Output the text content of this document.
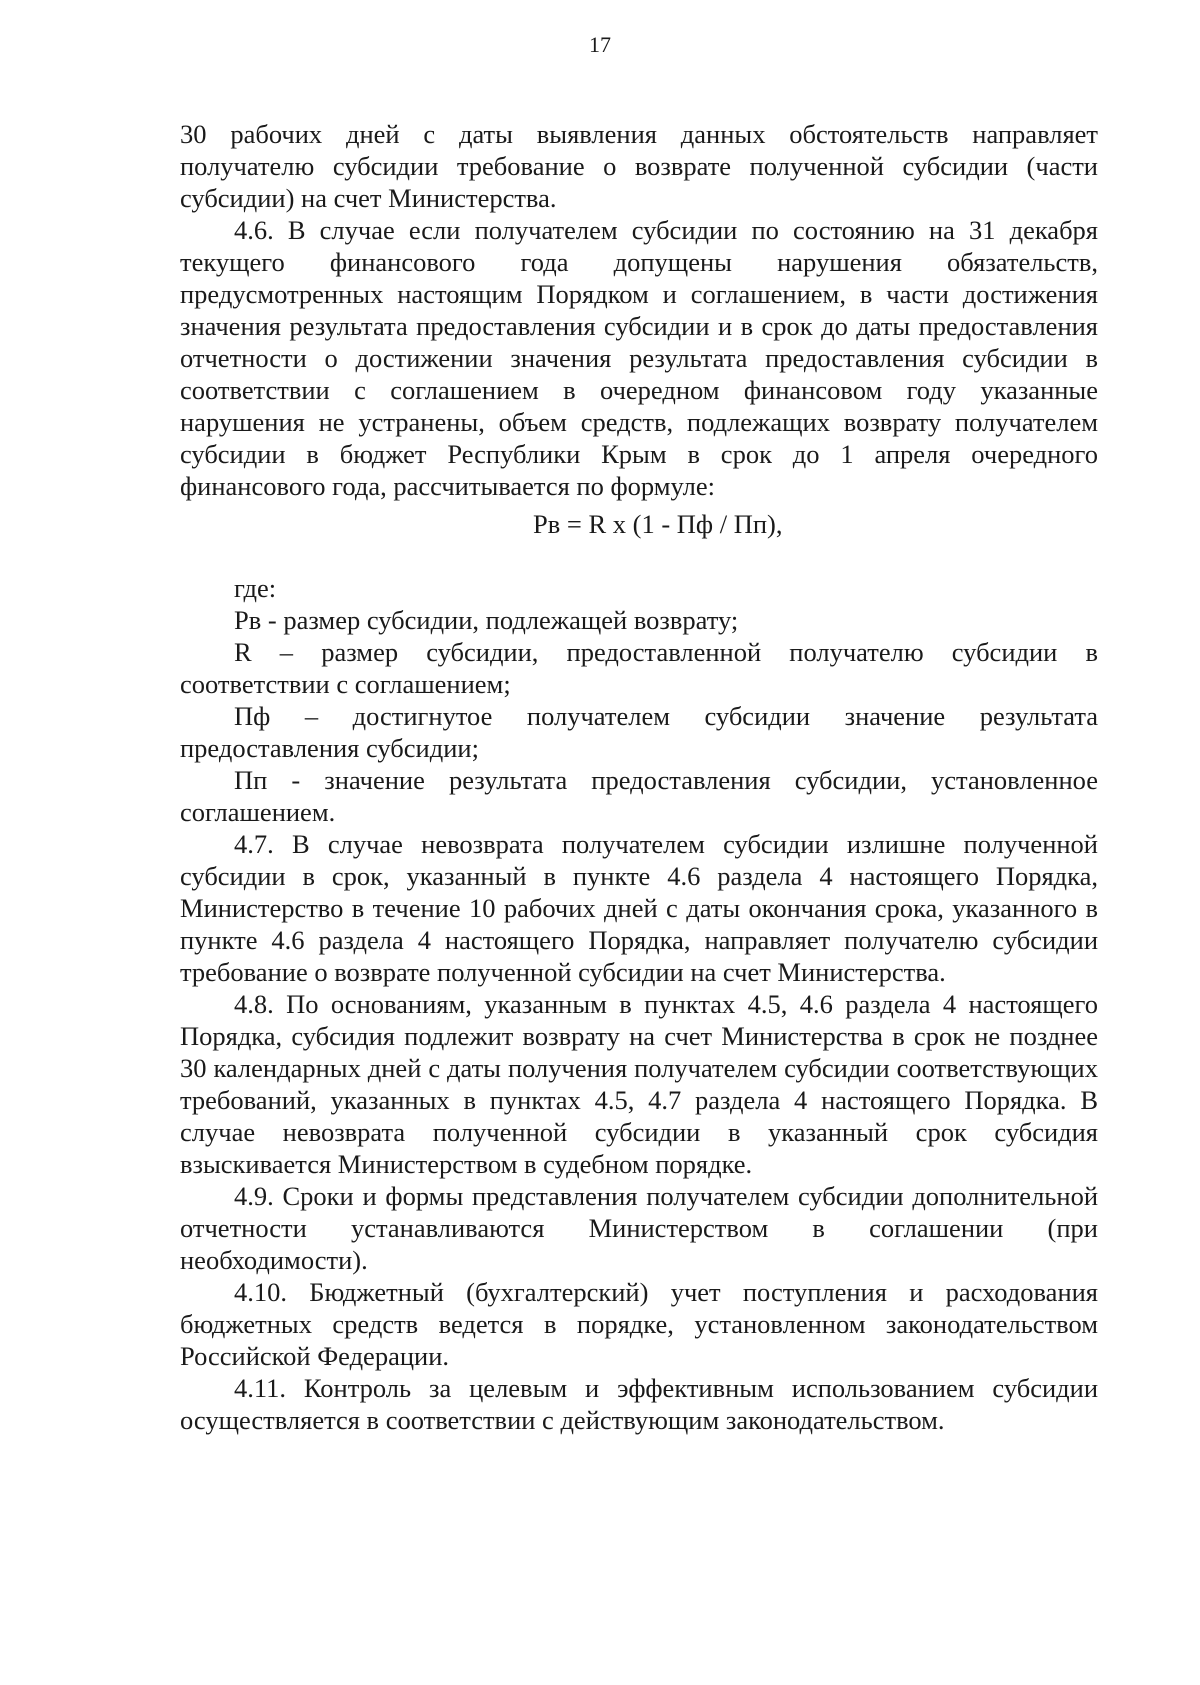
17

30 рабочих дней с даты выявления данных обстоятельств направляет получателю субсидии требование о возврате полученной субсидии (части субсидии) на счет Министерства.

4.6. В случае если получателем субсидии по состоянию на 31 декабря текущего финансового года допущены нарушения обязательств, предусмотренных настоящим Порядком и соглашением, в части достижения значения результата предоставления субсидии и в срок до даты предоставления отчетности о достижении значения результата предоставления субсидии в соответствии с соглашением в очередном финансовом году указанные нарушения не устранены, объем средств, подлежащих возврату получателем субсидии в бюджет Республики Крым в срок до 1 апреля очередного финансового года, рассчитывается по формуле:

Рв = R x (1 - Пф / Пп),

где:

Рв - размер субсидии, подлежащей возврату;

R – размер субсидии, предоставленной получателю субсидии в соответствии с соглашением;

Пф – достигнутое получателем субсидии значение результата предоставления субсидии;

Пп - значение результата предоставления субсидии, установленное соглашением.

4.7. В случае невозврата получателем субсидии излишне полученной субсидии в срок, указанный в пункте 4.6 раздела 4 настоящего Порядка, Министерство в течение 10 рабочих дней с даты окончания срока, указанного в пункте 4.6 раздела 4 настоящего Порядка, направляет получателю субсидии требование о возврате полученной субсидии на счет Министерства.

4.8. По основаниям, указанным в пунктах 4.5, 4.6 раздела 4 настоящего Порядка, субсидия подлежит возврату на счет Министерства в срок не позднее 30 календарных дней с даты получения получателем субсидии соответствующих требований, указанных в пунктах 4.5, 4.7 раздела 4 настоящего Порядка. В случае невозврата полученной субсидии в указанный срок субсидия взыскивается Министерством в судебном порядке.

4.9. Сроки и формы представления получателем субсидии дополнительной отчетности устанавливаются Министерством в соглашении (при необходимости).

4.10. Бюджетный (бухгалтерский) учет поступления и расходования бюджетных средств ведется в порядке, установленном законодательством Российской Федерации.

4.11. Контроль за целевым и эффективным использованием субсидии осуществляется в соответствии с действующим законодательством.
